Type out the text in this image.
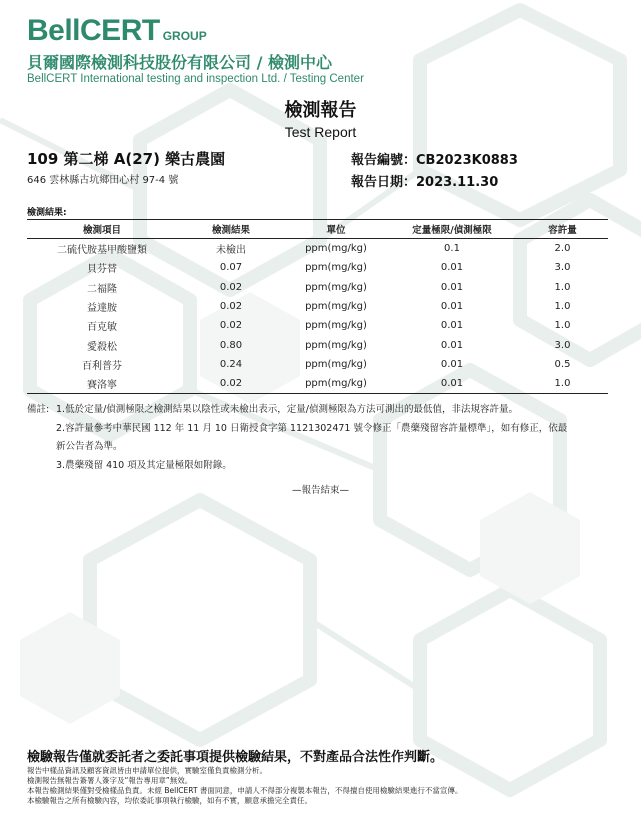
BellCERT GROUP
貝爾國際檢測科技股份有限公司 / 檢測中心
BellCERT International testing and inspection Ltd. / Testing Center
檢測報告
Test Report
109 第二梯 A(27) 樂古農園
646 雲林縣古坑鄉田心村 97-4 號
報告編號：CB2023K0883
報告日期：2023.11.30
檢測結果:
檢測項目	檢測結果	單位	定量極限/偵測極限	容許量
二硫代胺基甲酸鹽類	未檢出	ppm(mg/kg)	0.1	2.0
貝芬替	0.07	ppm(mg/kg)	0.01	3.0
二福隆	0.02	ppm(mg/kg)	0.01	1.0
益達胺	0.02	ppm(mg/kg)	0.01	1.0
百克敏	0.02	ppm(mg/kg)	0.01	1.0
愛殺松	0.80	ppm(mg/kg)	0.01	3.0
百利普芬	0.24	ppm(mg/kg)	0.01	0.5
賽洛寧	0.02	ppm(mg/kg)	0.01	1.0
備註: 1.低於定量/偵測極限之檢測結果以陰性或未檢出表示，定量/偵測極限為方法可測出的最低值，非法規容許量。
2.容許量參考中華民國 112 年 11 月 10 日衛授食字第 1121302471 號令修正「農藥殘留容許量標準」，如有修正，依最
新公告者為準。
3.農藥殘留 410 項及其定量極限如附錄。
—報告結束—
檢驗報告僅就委託者之委託事項提供檢驗結果，不對產品合法性作判斷。
報告中樣品資訊及顧客資訊皆由申請單位提供，實驗室僅負責檢測分析。
檢測報告無報告簽署人簽字及“報告專用章”無效。
本報告檢測結果僅對受檢樣品負責。未經 BellCERT 書面同意，申請人不得部分複製本報告，不得擅自使用檢驗結果進行不當宣傳。
本檢驗報告之所有檢驗內容，均依委託事項執行檢驗，如有不實，願意承擔完全責任。
